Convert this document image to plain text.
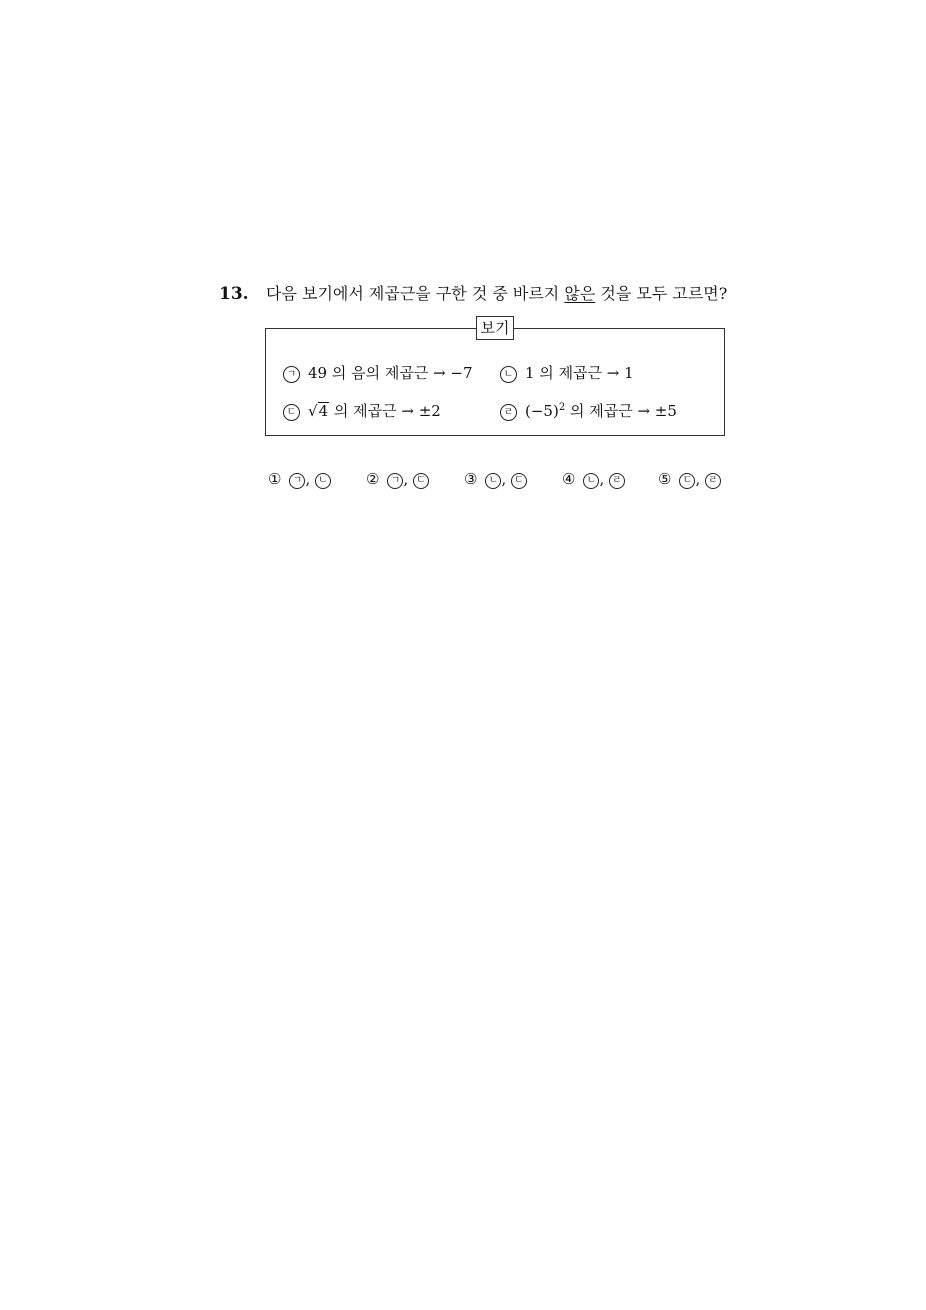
13. 다음 보기에서 제곱근을 구한 것 중 바르지 않은 것을 모두 고르면?
보기
ㄱ 49 의 음의 제곱근 → −7	ㄴ 1 의 제곱근 → 1
ㄷ √4 의 제곱근 → ±2	ㄹ $(-5)^2$ 의 제곱근 → ±5
① ㄱ , ㄴ	② ㄱ , ㄷ	③ ㄴ , ㄷ	④ ㄴ , ㄹ ⑤ ㄷ , ㄹ
